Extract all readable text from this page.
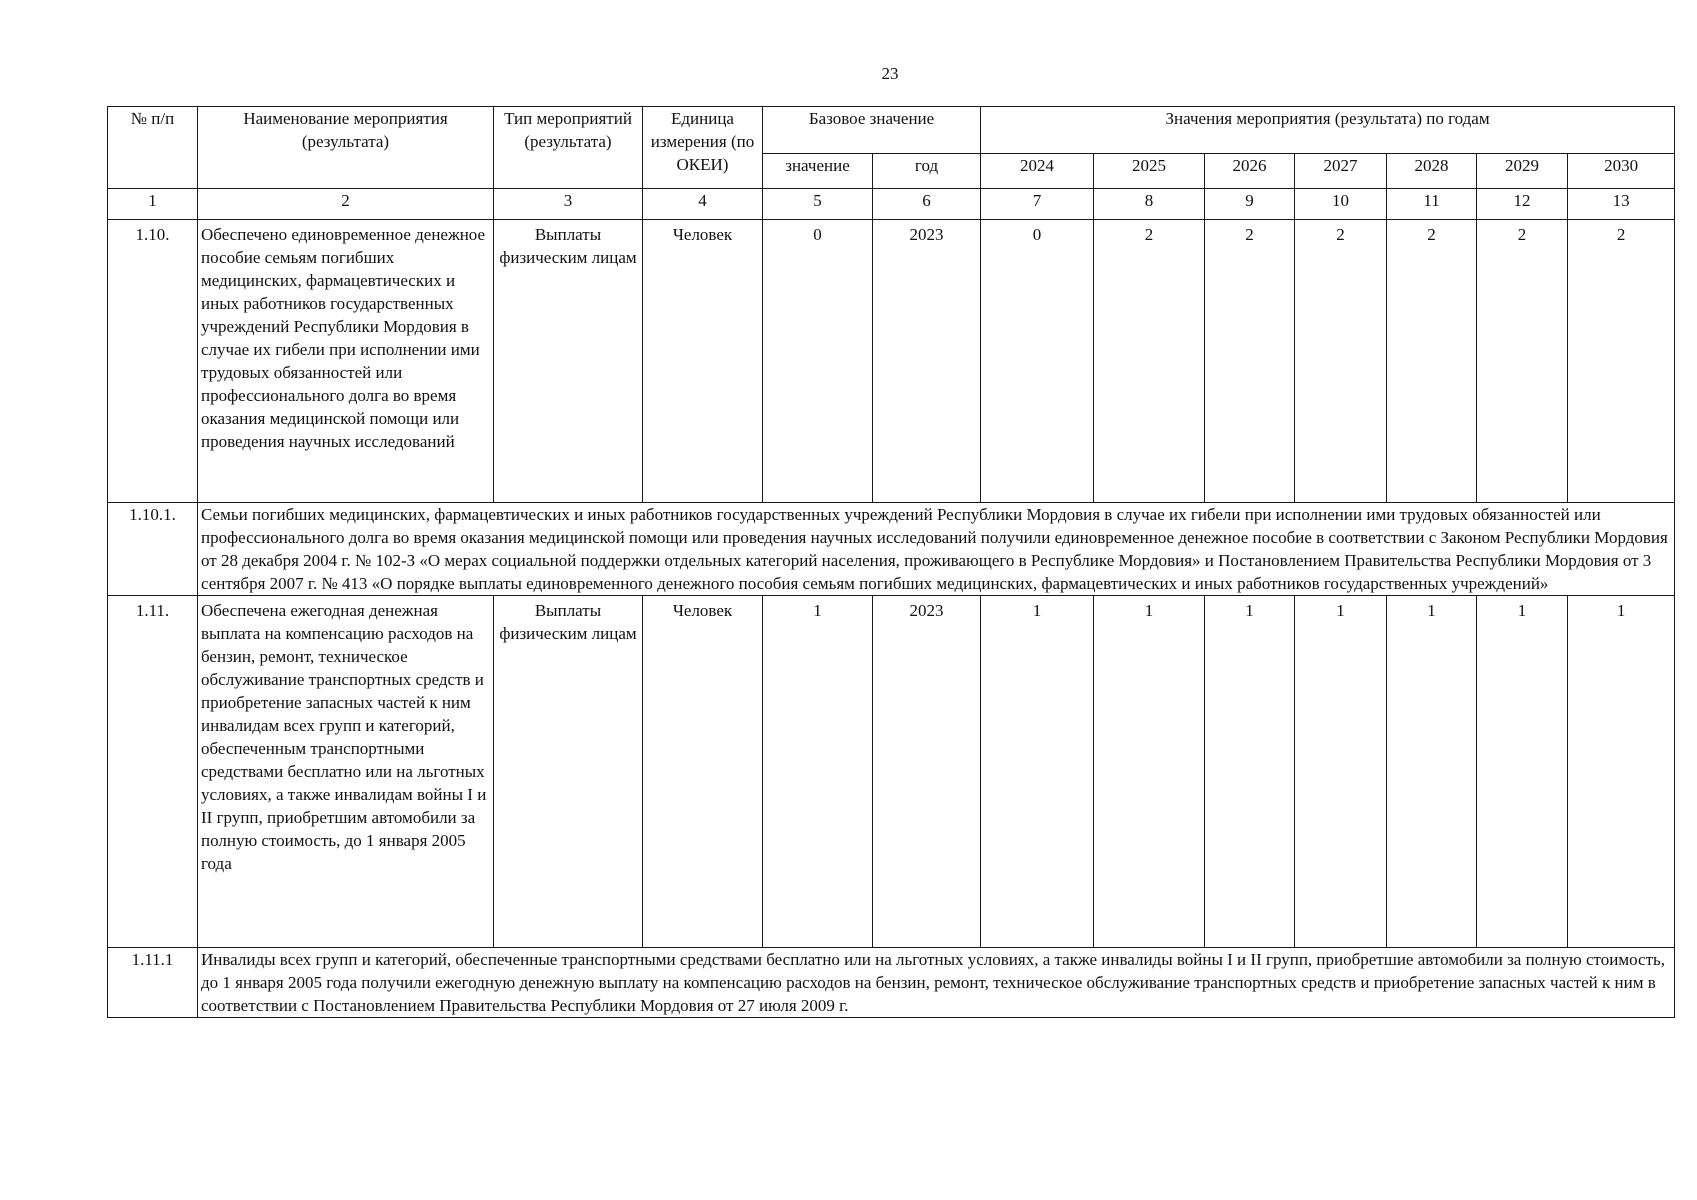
23
№ п/п	Наименование мероприятия (результата)	Тип мероприятий (результата)	Единица измерения (по ОКЕИ)	Базовое значение		Значения мероприятия (результата) по годам						
				значение	год	2024	2025	2026	2027	2028	2029	2030
1	2	3	4	5	6	7	8	9	10	11	12	13
1.10.	Обеспечено единовременное денежное пособие семьям погибших медицинских, фармацевтических и иных работников государственных учреждений Республики Мордовия в случае их гибели при исполнении ими трудовых обязанностей или профессионального долга во время оказания медицинской помощи или проведения научных исследований	Выплаты физическим лицам	Человек	0	2023	0	2	2	2	2	2	2
1.10.1.	Семьи погибших медицинских, фармацевтических и иных работников государственных учреждений Республики Мордовия в случае их гибели при исполнении ими трудовых обязанностей или профессионального долга во время оказания медицинской помощи или проведения научных исследований получили единовременное денежное пособие в соответствии с Законом Республики Мордовия от 28 декабря 2004 г. № 102-З «О мерах социальной поддержки отдельных категорий населения, проживающего в Республике Мордовия» и Постановлением Правительства Республики Мордовия от 3 сентября 2007 г. № 413 «О порядке выплаты единовременного денежного пособия семьям погибших медицинских, фармацевтических и иных работников государственных учреждений»											
1.11.	Обеспечена ежегодная денежная выплата на компенсацию расходов на бензин, ремонт, техническое обслуживание транспортных средств и приобретение запасных частей к ним инвалидам всех групп и категорий, обеспеченным транспортными средствами бесплатно или на льготных условиях, а также инвалидам войны I и II групп, приобретшим автомобили за полную стоимость, до 1 января 2005 года	Выплаты физическим лицам	Человек	1	2023	1	1	1	1	1	1	1
1.11.1	Инвалиды всех групп и категорий, обеспеченные транспортными средствами бесплатно или на льготных условиях, а также инвалиды войны I и II групп, приобретшие автомобили за полную стоимость, до 1 января 2005 года получили ежегодную денежную выплату на компенсацию расходов на бензин, ремонт, техническое обслуживание транспортных средств и приобретение запасных частей к ним в соответствии с Постановлением Правительства Республики Мордовия от 27 июля 2009 г.											
